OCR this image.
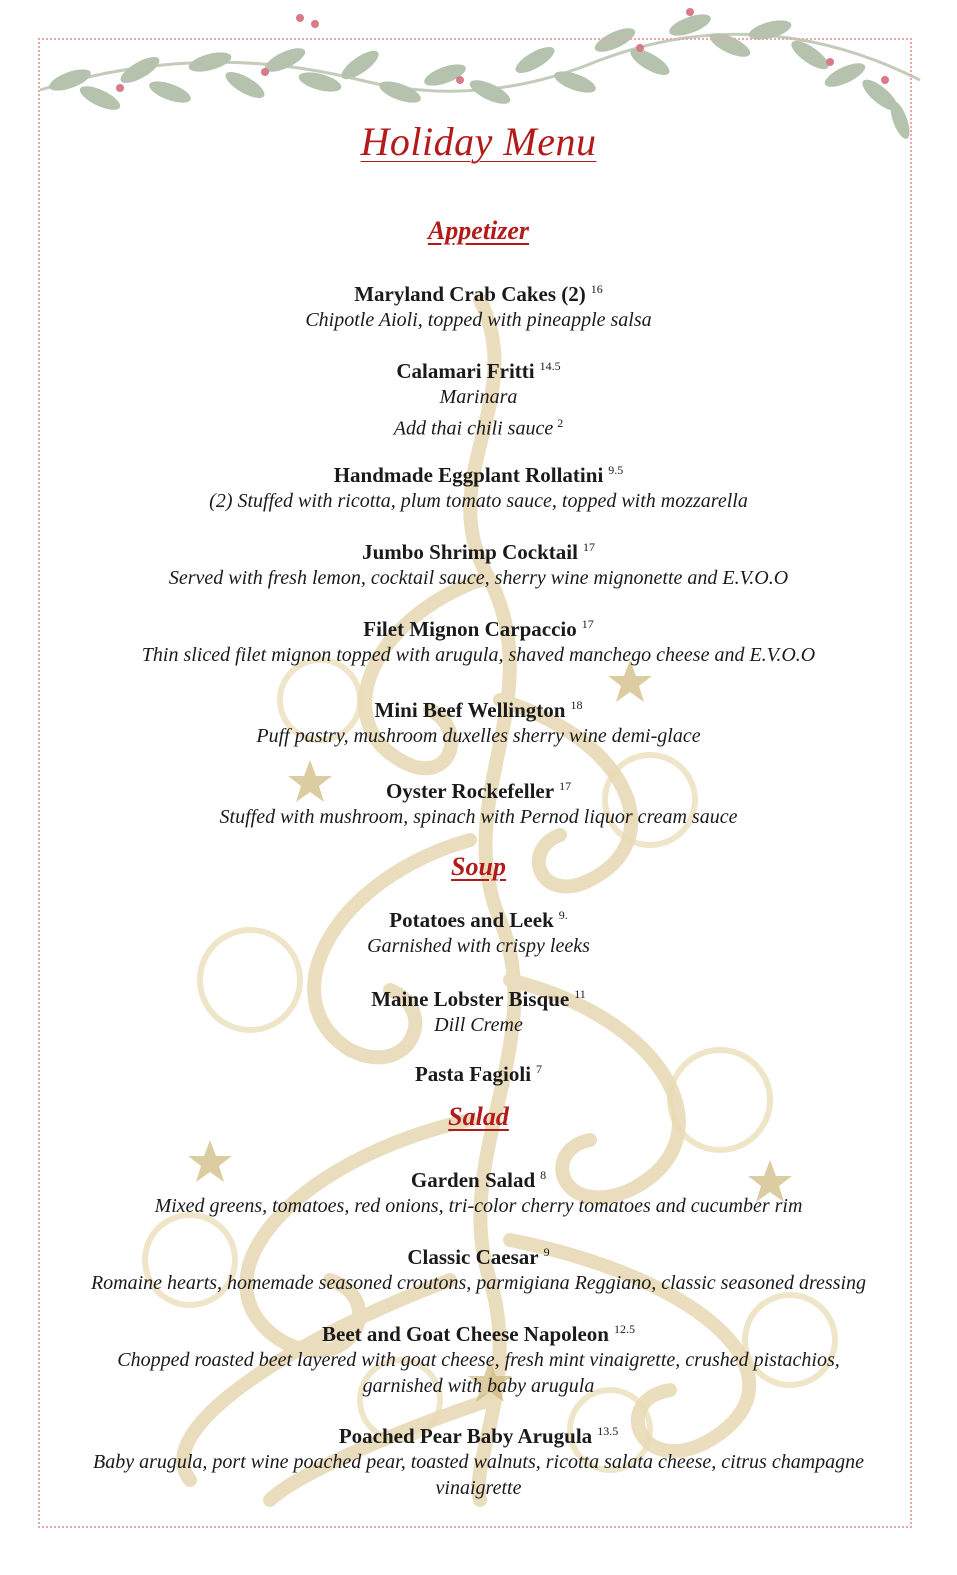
Holiday Menu
Appetizer
Maryland Crab Cakes (2) $^{16}$
Chipotle Aioli, topped with pineapple salsa
Calamari Fritti $^{14.5}$
Marinara
Add thai chili sauce $^2$
Handmade Eggplant Rollatini $^{9.5}$
(2) Stuffed with ricotta, plum tomato sauce, topped with mozzarella
Jumbo Shrimp Cocktail $^{17}$
Served with fresh lemon, cocktail sauce, sherry wine mignonette and E.V.O.O
Filet Mignon Carpaccio $^{17}$
Thin sliced filet mignon topped with arugula, shaved manchego cheese and E.V.O.O
Mini Beef Wellington $^{18}$
Puff pastry, mushroom duxelles sherry wine demi-glace
Oyster Rockefeller $^{17}$
Stuffed with mushroom, spinach with Pernod liquor cream sauce
Soup
Potatoes and Leek $^{9.}$
Garnished with crispy leeks
Maine Lobster Bisque $^{11}$
Dill Creme
Pasta Fagioli $^7$
Salad
Garden Salad $^8$
Mixed greens, tomatoes, red onions, tri-color cherry tomatoes and cucumber rim
Classic Caesar $^9$
Romaine hearts, homemade seasoned croutons, parmigiana Reggiano, classic seasoned dressing
Beet and Goat Cheese Napoleon $^{12.5}$
Chopped roasted beet layered with goat cheese, fresh mint vinaigrette, crushed pistachios,
garnished with baby arugula
Poached Pear Baby Arugula $^{13.5}$
Baby arugula, port wine poached pear, toasted walnuts, ricotta salata cheese, citrus champagne
vinaigrette
